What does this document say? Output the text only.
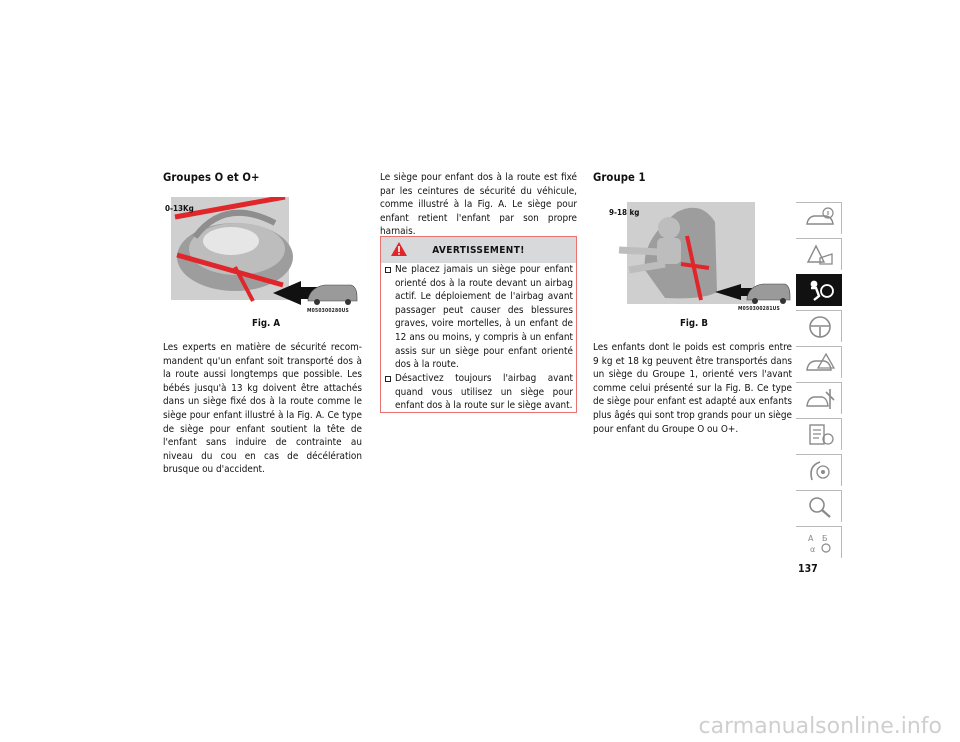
Groupes O et O+
0-13Kg
M050300280US
Fig. A

Les experts en matière de sécurité recom-mandent qu'un enfant soit transporté dos à la route aussi longtemps que possible. Les bébés jusqu'à 13 kg doivent être attachés dans un siège fixé dos à la route comme le siège pour enfant illustré à la Fig. A. Ce type de siège pour enfant soutient la tête de l'enfant sans induire de contrainte au niveau du cou en cas de décélération brusque ou d'accident.

Le siège pour enfant dos à la route est fixé par les ceintures de sécurité du véhicule, comme illustré à la Fig. A. Le siège pour enfant retient l'enfant par son propre harnais.

AVERTISSEMENT!
Ne placez jamais un siège pour enfant orienté dos à la route devant un airbag actif. Le déploiement de l'airbag avant passager peut causer des blessures graves, voire mortelles, à un enfant de 12 ans ou moins, y compris à un enfant assis sur un siège pour enfant orienté dos à la route.
Désactivez toujours l'airbag avant quand vous utilisez un siège pour enfant dos à la route sur le siège avant.
Groupe 1
9-18 kg
M050300281US
Fig. B

Les enfants dont le poids est compris entre 9 kg et 18 kg peuvent être transportés dans un siège du Groupe 1, orienté vers l'avant comme celui présenté sur la Fig. B. Ce type de siège pour enfant est adapté aux enfants plus âgés qui sont trop grands pour un siège pour enfant du Groupe O ou O+.

A Б
α
137
carmanualsonline.info
